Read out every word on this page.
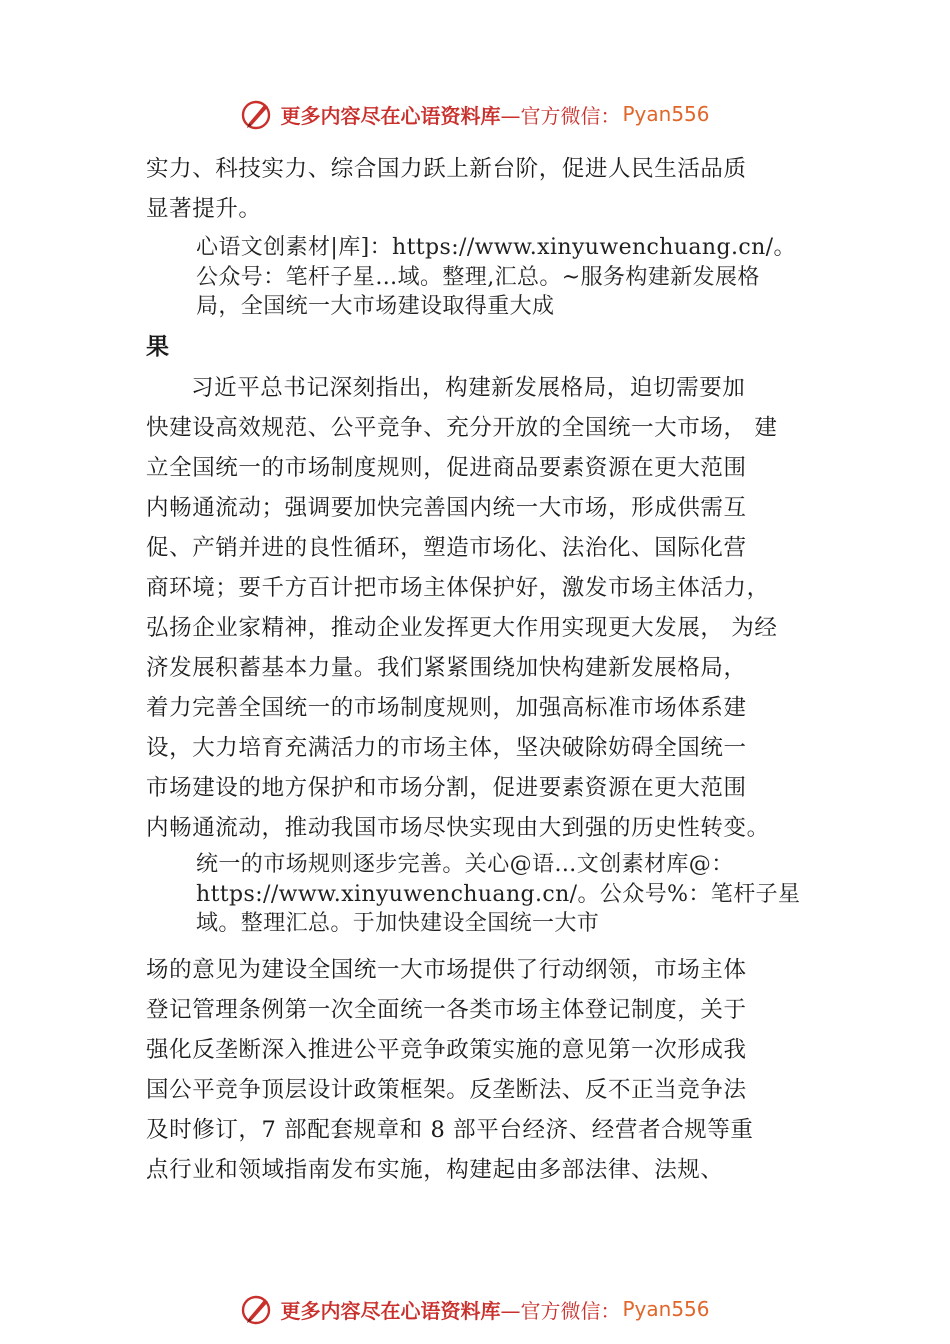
更多内容尽在心语资料库 —官方微信： Pyan556
实力、科技实力、综合国力跃上新台阶，促进人民生活品质
显著提升。
心语文创素材|库]：https://www.xinyuwenchuang.cn/。
公众号：笔杆子星…域。整理,汇总。~服务构建新发展格
局，全国统一大市场建设取得重大成
果
习近平总书记深刻指出，构建新发展格局，迫切需要加
快建设高效规范、公平竞争、充分开放的全国统一大市场， 建
立全国统一的市场制度规则，促进商品要素资源在更大范围
内畅通流动；强调要加快完善国内统一大市场，形成供需互
促、产销并进的良性循环，塑造市场化、法治化、国际化营
商环境；要千方百计把市场主体保护好，激发市场主体活力，
弘扬企业家精神，推动企业发挥更大作用实现更大发展， 为经
济发展积蓄基本力量。我们紧紧围绕加快构建新发展格局，
着力完善全国统一的市场制度规则，加强高标准市场体系建
设，大力培育充满活力的市场主体，坚决破除妨碍全国统一
市场建设的地方保护和市场分割，促进要素资源在更大范围
内畅通流动，推动我国市场尽快实现由大到强的历史性转变。
统一的市场规则逐步完善。关心@语…文创素材库@：
https://www.xinyuwenchuang.cn/。公众号%：笔杆子星
域。整理汇总。于加快建设全国统一大市
场的意见为建设全国统一大市场提供了行动纲领，市场主体
登记管理条例第一次全面统一各类市场主体登记制度，关于
强化反垄断深入推进公平竞争政策实施的意见第一次形成我
国公平竞争顶层设计政策框架。反垄断法、反不正当竞争法
及时修订，7 部配套规章和 8 部平台经济、经营者合规等重
点行业和领域指南发布实施，构建起由多部法律、法规、
更多内容尽在心语资料库 —官方微信： Pyan556
